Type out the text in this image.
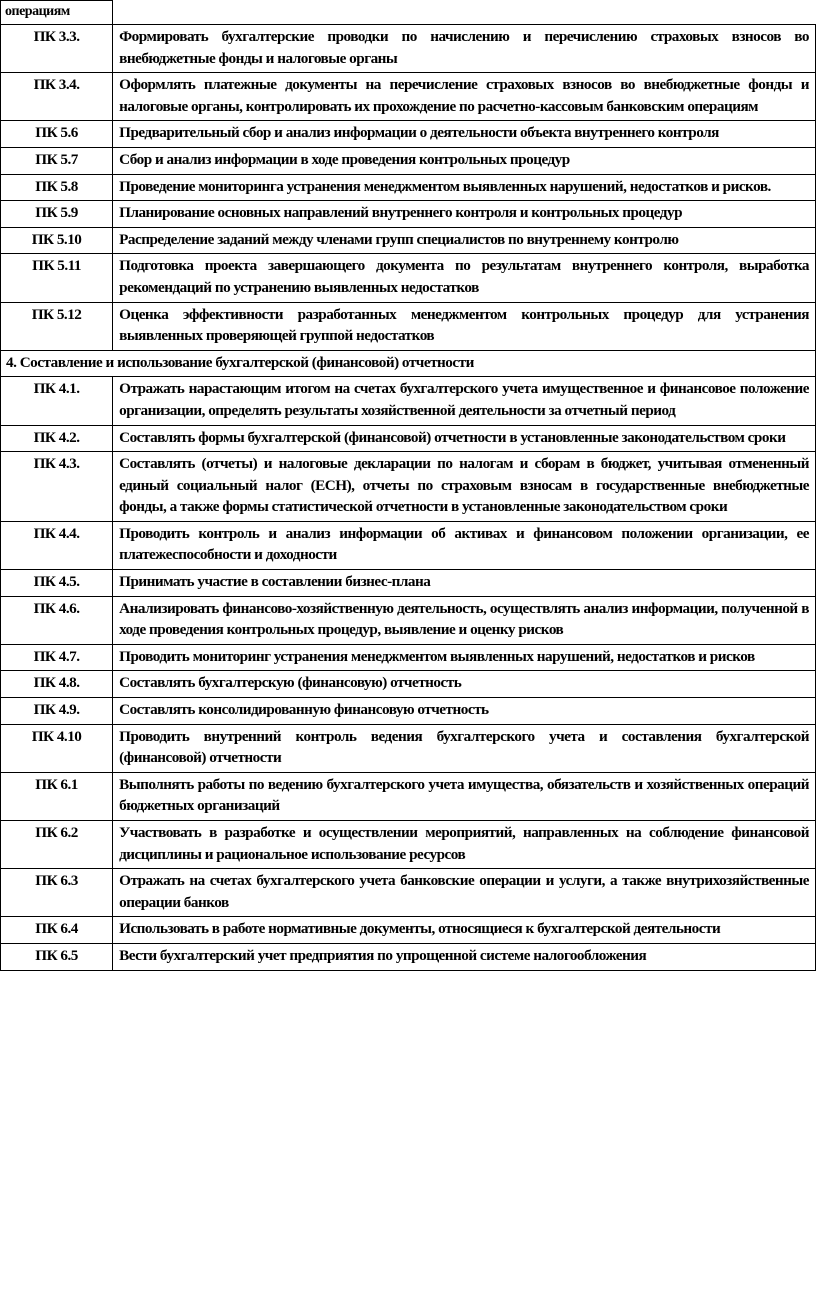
операциям	
ПК 3.3.	Формировать бухгалтерские проводки по начислению и перечислению страховых взносов во внебюджетные фонды и налоговые органы
ПК 3.4.	Оформлять платежные документы на перечисление страховых взносов во внебюджетные фонды и налоговые органы, контролировать их прохождение по расчетно-кассовым банковским операциям
ПК 5.6	Предварительный сбор и анализ информации о деятельности объекта внутреннего контроля
ПК 5.7	Сбор и анализ информации в ходе проведения контрольных процедур
ПК 5.8	Проведение мониторинга устранения менеджментом выявленных нарушений, недостатков и рисков.
ПК 5.9	Планирование основных направлений внутреннего контроля и контрольных процедур
ПК 5.10	Распределение заданий между членами групп специалистов по внутреннему контролю
ПК 5.11	Подготовка проекта завершающего документа по результатам внутреннего контроля, выработка рекомендаций по устранению выявленных недостатков
ПК 5.12	Оценка эффективности разработанных менеджментом контрольных процедур для устранения выявленных проверяющей группой недостатков
4. Составление и использование бухгалтерской (финансовой) отчетности	
ПК 4.1.	Отражать нарастающим итогом на счетах бухгалтерского учета имущественное и финансовое положение организации, определять результаты хозяйственной деятельности за отчетный период
ПК 4.2.	Составлять формы бухгалтерской (финансовой) отчетности в установленные законодательством сроки
ПК 4.3.	Составлять (отчеты) и налоговые декларации по налогам и сборам в бюджет, учитывая отмененный единый социальный налог (ЕСН), отчеты по страховым взносам в государственные внебюджетные фонды, а также формы статистической отчетности в установленные законодательством сроки
ПК 4.4.	Проводить контроль и анализ информации об активах и финансовом положении организации, ее платежеспособности и доходности
ПК 4.5.	Принимать участие в составлении бизнес-плана
ПК 4.6.	Анализировать финансово-хозяйственную деятельность, осуществлять анализ информации, полученной в ходе проведения контрольных процедур, выявление и оценку рисков
ПК 4.7.	Проводить мониторинг устранения менеджментом выявленных нарушений, недостатков и рисков
ПК 4.8.	Составлять бухгалтерскую (финансовую) отчетность
ПК 4.9.	Составлять консолидированную финансовую отчетность
ПК 4.10	Проводить внутренний контроль ведения бухгалтерского учета и составления бухгалтерской (финансовой) отчетности
ПК 6.1	Выполнять работы по ведению бухгалтерского учета имущества, обязательств и хозяйственных операций бюджетных организаций
ПК 6.2	Участвовать в разработке и осуществлении мероприятий, направленных на соблюдение финансовой дисциплины и рациональное использование ресурсов
ПК 6.3	Отражать на счетах бухгалтерского учета банковские операции и услуги, а также внутрихозяйственные операции банков
ПК 6.4	Использовать в работе нормативные документы, относящиеся к бухгалтерской деятельности
ПК 6.5	Вести бухгалтерский учет предприятия по упрощенной системе налогообложения
